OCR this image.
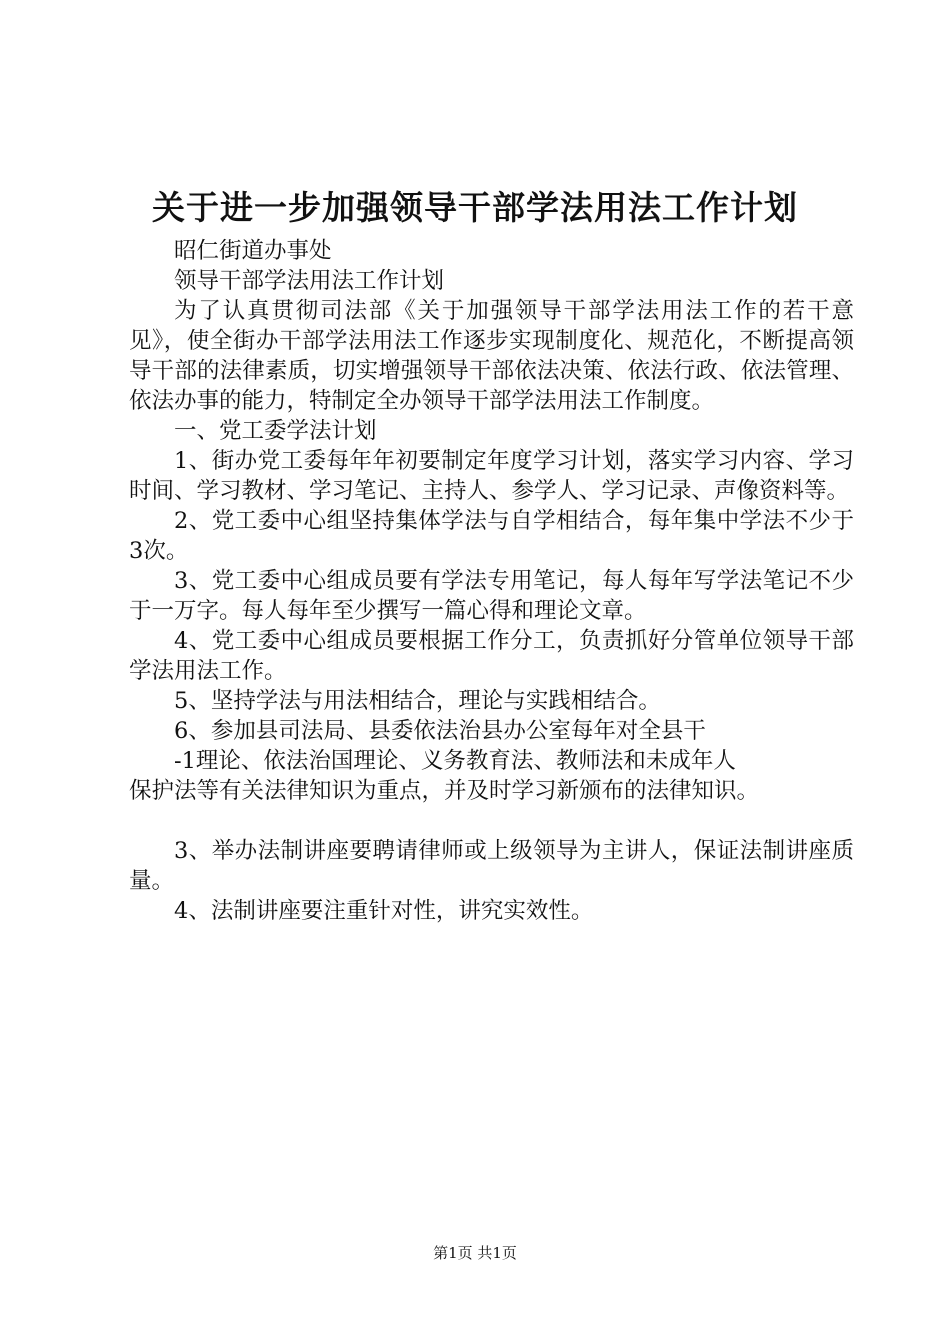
关于进一步加强领导干部学法用法工作计划

昭仁街道办事处

领导干部学法用法工作计划

为了认真贯彻司法部《关于加强领导干部学法用法工作的若干意见》，使全街办干部学法用法工作逐步实现制度化、规范化，不断提高领导干部的法律素质，切实增强领导干部依法决策、依法行政、依法管理、依法办事的能力，特制定全办领导干部学法用法工作制度。

一、党工委学法计划

1、街办党工委每年年初要制定年度学习计划，落实学习内容、学习时间、学习教材、学习笔记、主持人、参学人、学习记录、声像资料等。

2、党工委中心组坚持集体学法与自学相结合，每年集中学法不少于3次。

3、党工委中心组成员要有学法专用笔记，每人每年写学法笔记不少于一万字。每人每年至少撰写一篇心得和理论文章。

4、党工委中心组成员要根据工作分工，负责抓好分管单位领导干部学法用法工作。

5、坚持学法与用法相结合，理论与实践相结合。

6、参加县司法局、县委依法治县办公室每年对全县干

-1理论、依法治国理论、义务教育法、教师法和未成年人

保护法等有关法律知识为重点，并及时学习新颁布的法律知识。

3、举办法制讲座要聘请律师或上级领导为主讲人，保证法制讲座质量。

4、法制讲座要注重针对性，讲究实效性。

第1页 共1页
